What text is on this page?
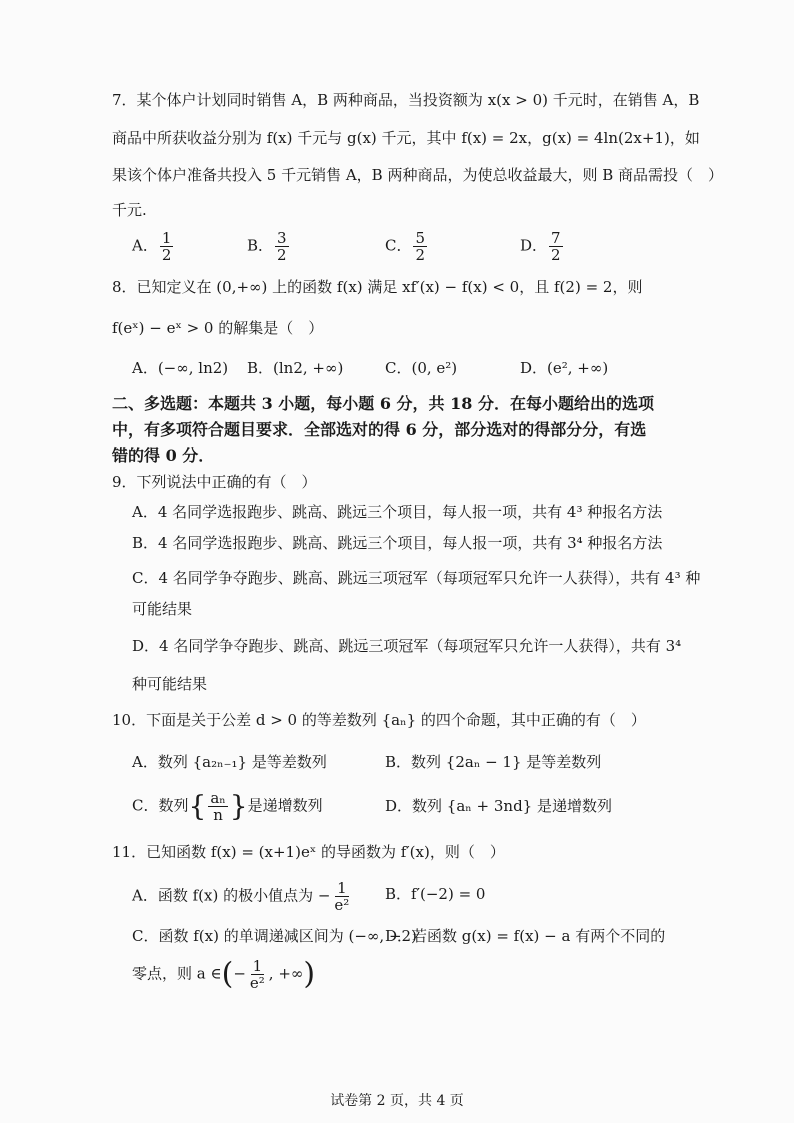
7．某个体户计划同时销售 A，B 两种商品，当投资额为 x(x > 0) 千元时，在销售 A，B
商品中所获收益分别为 f(x) 千元与 g(x) 千元，其中 f(x) = 2x，g(x) = 4ln(2x+1)，如
果该个体户准备共投入 5 千元销售 A，B 两种商品，为使总收益最大，则 B 商品需投（　）
千元.
A． $\frac{1}{2}$	B． $\frac{3}{2}$	C． $\frac{5}{2}$	D． $\frac{7}{2}$
8．已知定义在 (0,+∞) 上的函数 f(x) 满足 xf′(x) − f(x) < 0，且 f(2) = 2，则
f(eˣ) − eˣ > 0 的解集是（　）
A．(−∞, ln2) B．(ln2, +∞)	C．(0, e²)	D．(e², +∞)
二、多选题：本题共 3 小题，每小题 6 分，共 18 分．在每小题给出的选项
中，有多项符合题目要求．全部选对的得 6 分，部分选对的得部分分，有选
错的得 0 分．
9．下列说法中正确的有（　）
A．4 名同学选报跑步、跳高、跳远三个项目，每人报一项，共有 4³ 种报名方法
B．4 名同学选报跑步、跳高、跳远三个项目，每人报一项，共有 3⁴ 种报名方法
C．4 名同学争夺跑步、跳高、跳远三项冠军（每项冠军只允许一人获得），共有 4³ 种
可能结果
D．4 名同学争夺跑步、跳高、跳远三项冠军（每项冠军只允许一人获得），共有 3⁴
种可能结果
10．下面是关于公差 d > 0 的等差数列 {aₙ} 的四个命题，其中正确的有（　）
A．数列 {a₂ₙ₋₁} 是等差数列	B．数列 {2aₙ − 1} 是等差数列
C．数列{ $\frac{\text{aₙ}}{n}$ }是递增数列	D．数列 {aₙ + 3nd} 是递增数列
11．已知函数 f(x) = (x+1)eˣ 的导函数为 f′(x)，则（　）
A．函数 f(x) 的极小值点为 − $\frac{1}{\text{e²}}$ B．f′(−2) = 0
C．函数 f(x) 的单调递减区间为 (−∞, −2)
D．若函数 g(x) = f(x) − a 有两个不同的
零点，则 a ∈(− $\frac{1}{\text{e²}}$ , +∞)
试卷第 2 页，共 4 页
